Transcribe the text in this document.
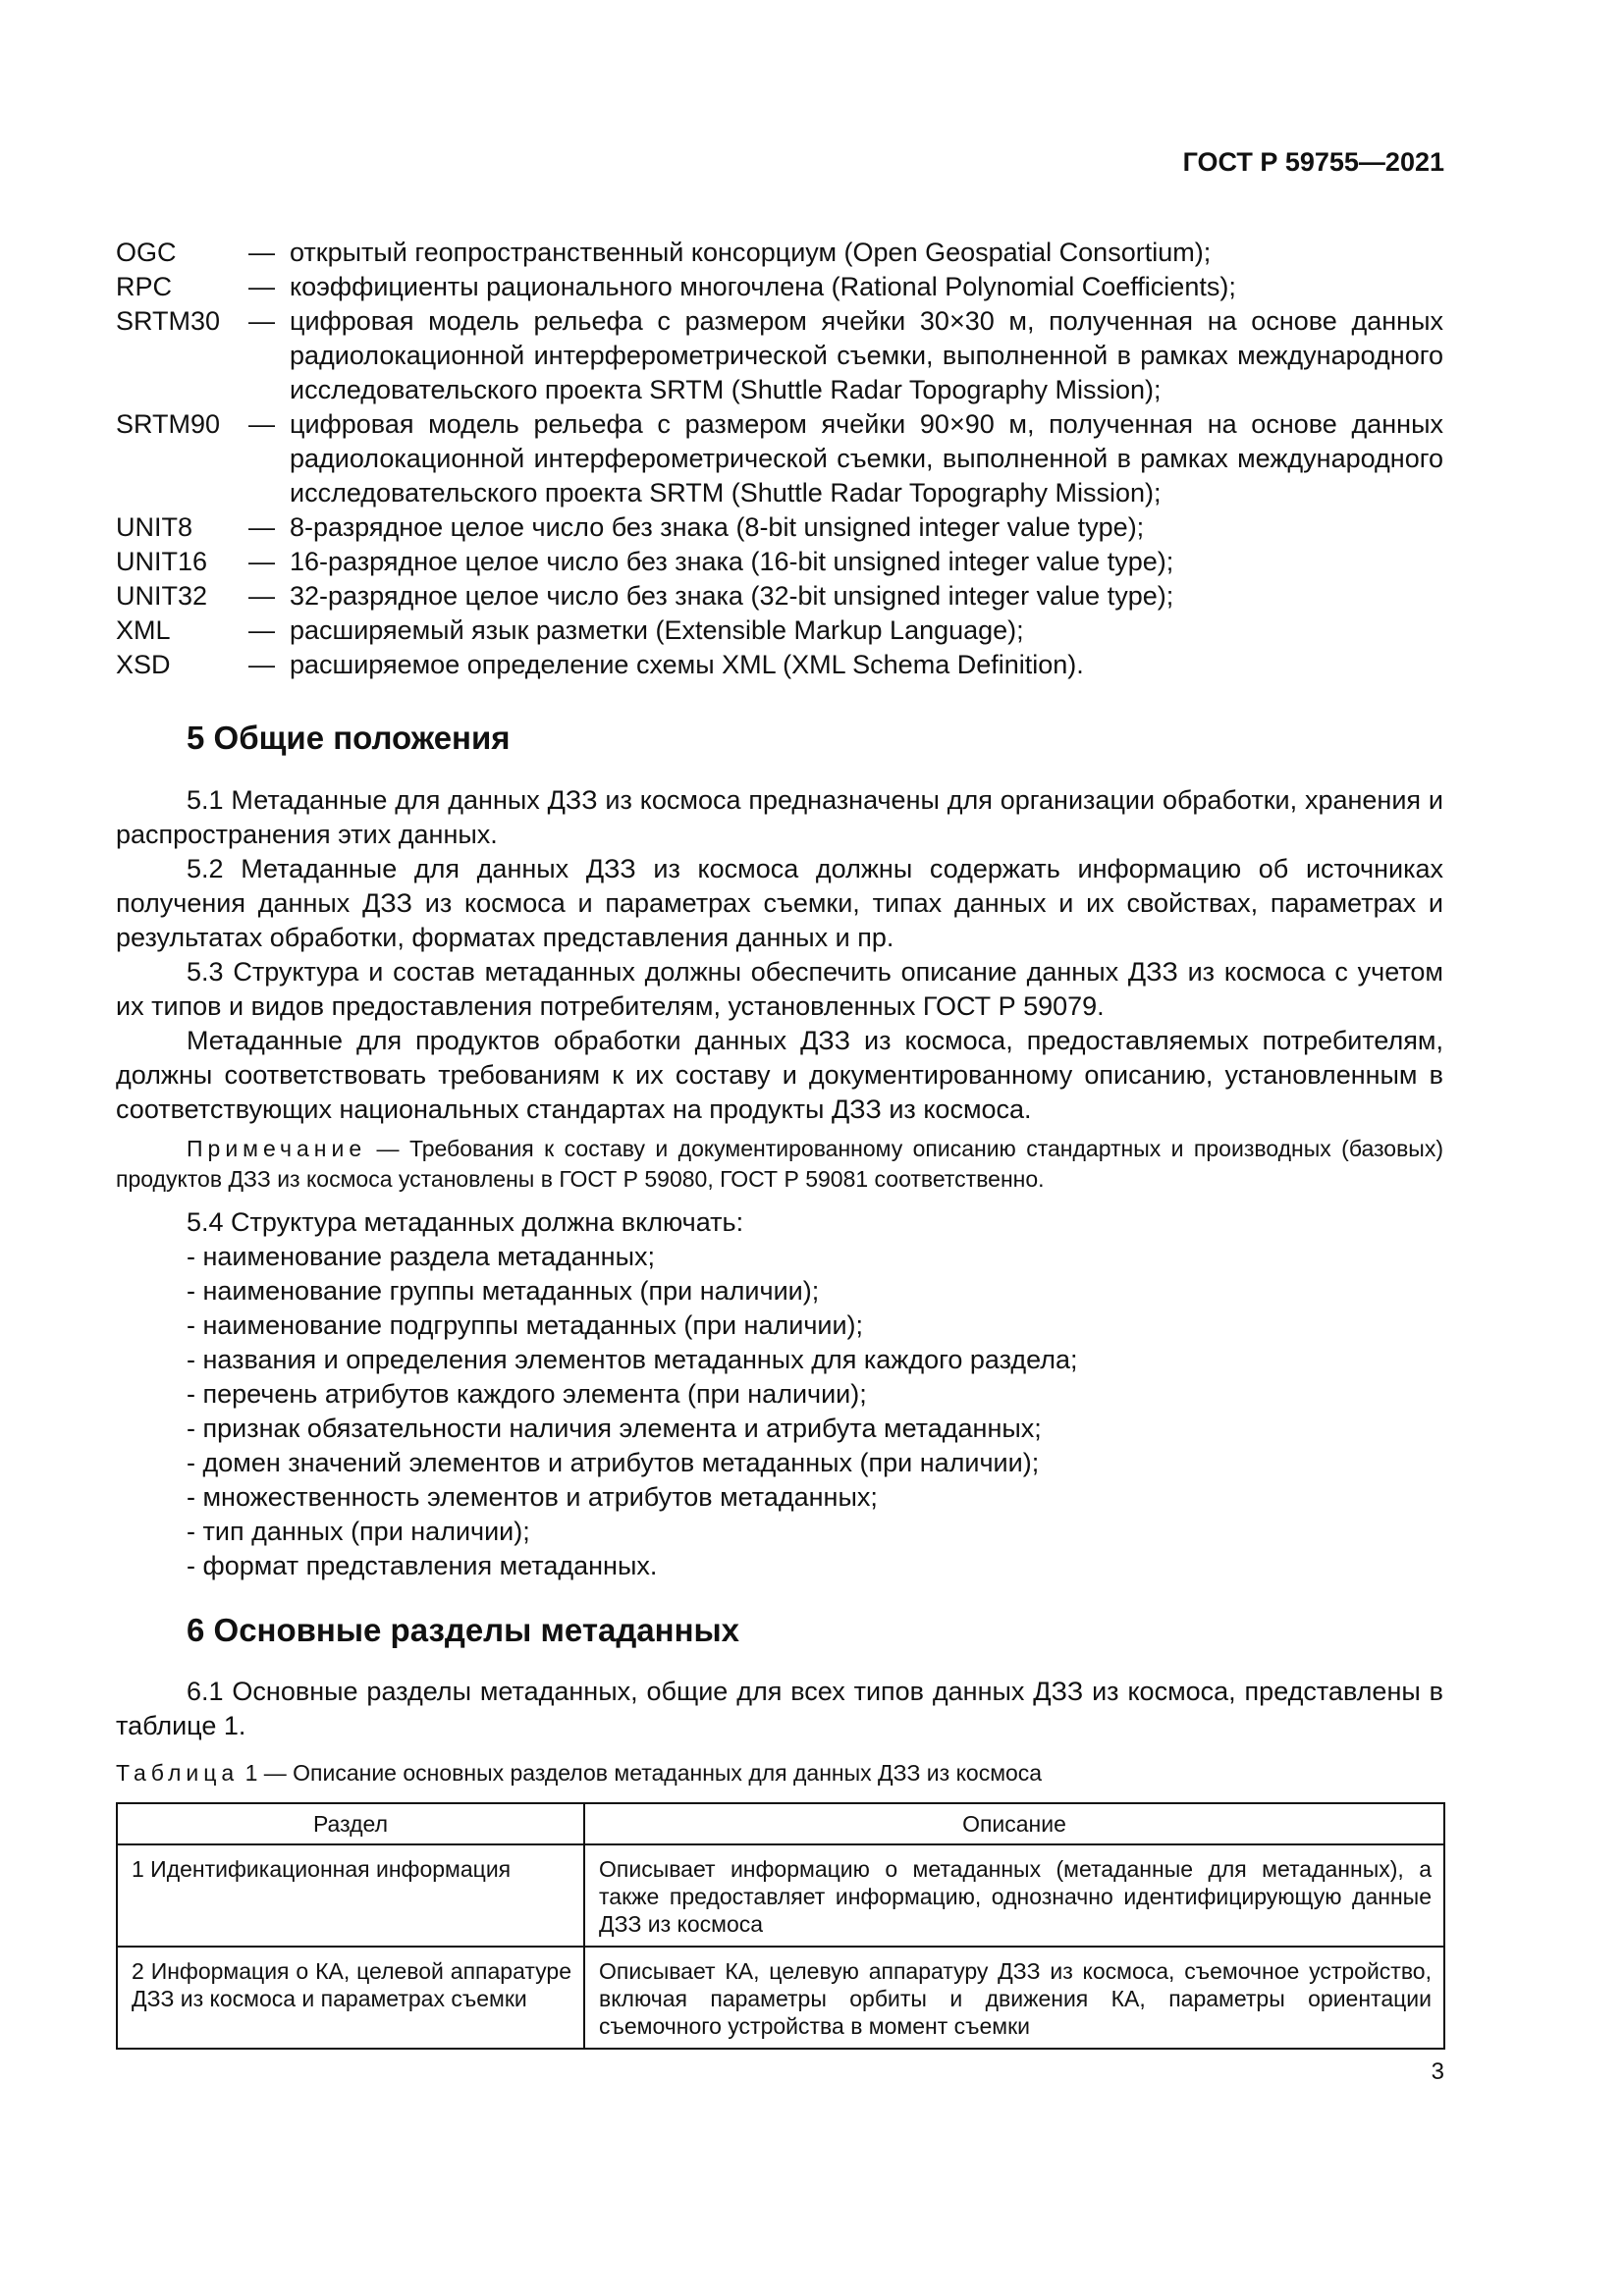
ГОСТ Р 59755—2021
OGC	— открытый геопространственный консорциум (Open Geospatial Consortium);
RPC	— коэффициенты рационального многочлена (Rational Polynomial Coefficients);
SRTM30	— цифровая модель рельефа с размером ячейки 30×30 м, полученная на основе данных радиолокационной интерферометрической съемки, выполненной в рамках международного исследовательского проекта SRTM (Shuttle Radar Topography Mission);
SRTM90	— цифровая модель рельефа с размером ячейки 90×90 м, полученная на основе данных радиолокационной интерферометрической съемки, выполненной в рамках международного исследовательского проекта SRTM (Shuttle Radar Topography Mission);
UNIT8	— 8-разрядное целое число без знака (8-bit unsigned integer value type);
UNIT16	— 16-разрядное целое число без знака (16-bit unsigned integer value type);
UNIT32	— 32-разрядное целое число без знака (32-bit unsigned integer value type);
XML	— расширяемый язык разметки (Extensible Markup Language);
XSD	— расширяемое определение схемы XML (XML Schema Definition).
5 Общие положения
5.1 Метаданные для данных ДЗЗ из космоса предназначены для организации обработки, хранения и распространения этих данных.
5.2 Метаданные для данных ДЗЗ из космоса должны содержать информацию об источниках получения данных ДЗЗ из космоса и параметрах съемки, типах данных и их свойствах, параметрах и результатах обработки, форматах представления данных и пр.
5.3 Структура и состав метаданных должны обеспечить описание данных ДЗЗ из космоса с учетом их типов и видов предоставления потребителям, установленных ГОСТ Р 59079.
Метаданные для продуктов обработки данных ДЗЗ из космоса, предоставляемых потребителям, должны соответствовать требованиям к их составу и документированному описанию, установленным в соответствующих национальных стандартах на продукты ДЗЗ из космоса.
Примечание — Требования к составу и документированному описанию стандартных и производных (базовых) продуктов ДЗЗ из космоса установлены в ГОСТ Р 59080, ГОСТ Р 59081 соответственно.
5.4 Структура метаданных должна включать:
- наименование раздела метаданных;
- наименование группы метаданных (при наличии);
- наименование подгруппы метаданных (при наличии);
- названия и определения элементов метаданных для каждого раздела;
- перечень атрибутов каждого элемента (при наличии);
- признак обязательности наличия элемента и атрибута метаданных;
- домен значений элементов и атрибутов метаданных (при наличии);
- множественность элементов и атрибутов метаданных;
- тип данных (при наличии);
- формат представления метаданных.
6 Основные разделы метаданных
6.1 Основные разделы метаданных, общие для всех типов данных ДЗЗ из космоса, представлены в таблице 1.
Таблица 1 — Описание основных разделов метаданных для данных ДЗЗ из космоса
Раздел	Описание
1 Идентификационная информация	Описывает информацию о метаданных (метаданные для метаданных), а также предоставляет информацию, однозначно идентифицирующую данные ДЗЗ из космоса
2 Информация о КА, целевой аппаратуре ДЗЗ из космоса и параметрах съемки	Описывает КА, целевую аппаратуру ДЗЗ из космоса, съемочное устройство, включая параметры орбиты и движения КА, параметры ориентации съемочного устройства в момент съемки
3
